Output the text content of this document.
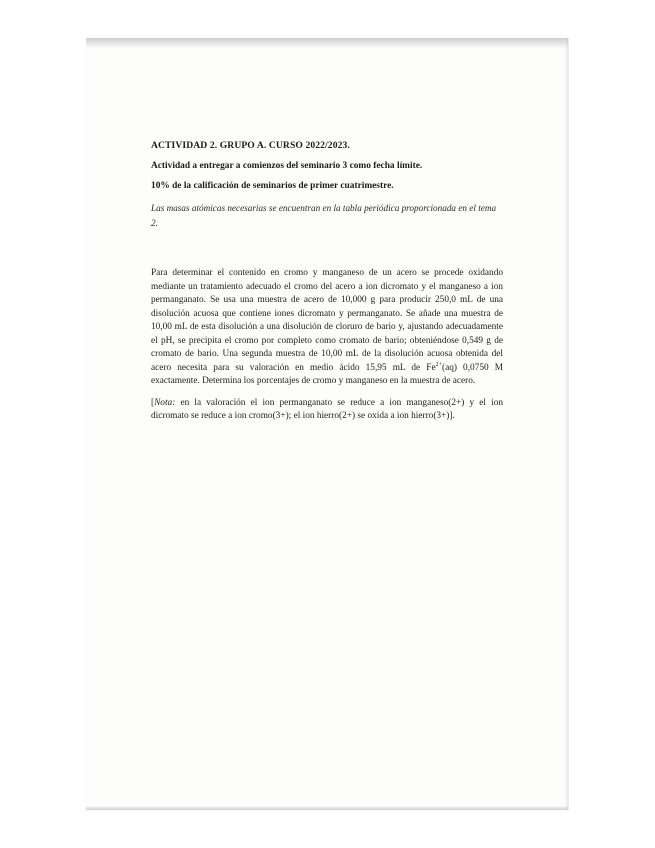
ACTIVIDAD 2. GRUPO A. CURSO 2022/2023.
Actividad a entregar a comienzos del seminario 3 como fecha límite.
10% de la calificación de seminarios de primer cuatrimestre.
Las masas atómicas necesarias se encuentran en la tabla periódica proporcionada en el tema 2.

Para determinar el contenido en cromo y manganeso de un acero se procede oxidando mediante un tratamiento adecuado el cromo del acero a ion dicromato y el manganeso a ion permanganato. Se usa una muestra de acero de 10,000 g para producir 250,0 mL de una disolución acuosa que contiene iones dicromato y permanganato. Se añade una muestra de 10,00 mL de esta disolución a una disolución de cloruro de bario y, ajustando adecuadamente el pH, se precipita el cromo por completo como cromato de bario; obteniéndose 0,549 g de cromato de bario. Una segunda muestra de 10,00 mL de la disolución acuosa obtenida del acero necesita para su valoración en medio ácido 15,95 mL de $Fe^{2+}(aq)$ 0,0750 M exactamente. Determina los porcentajes de cromo y manganeso en la muestra de acero.

[Nota: en la valoración el ion permanganato se reduce a ion manganeso(2+) y el ion dicromato se reduce a ion cromo(3+); el ion hierro(2+) se oxida a ion hierro(3+)].
